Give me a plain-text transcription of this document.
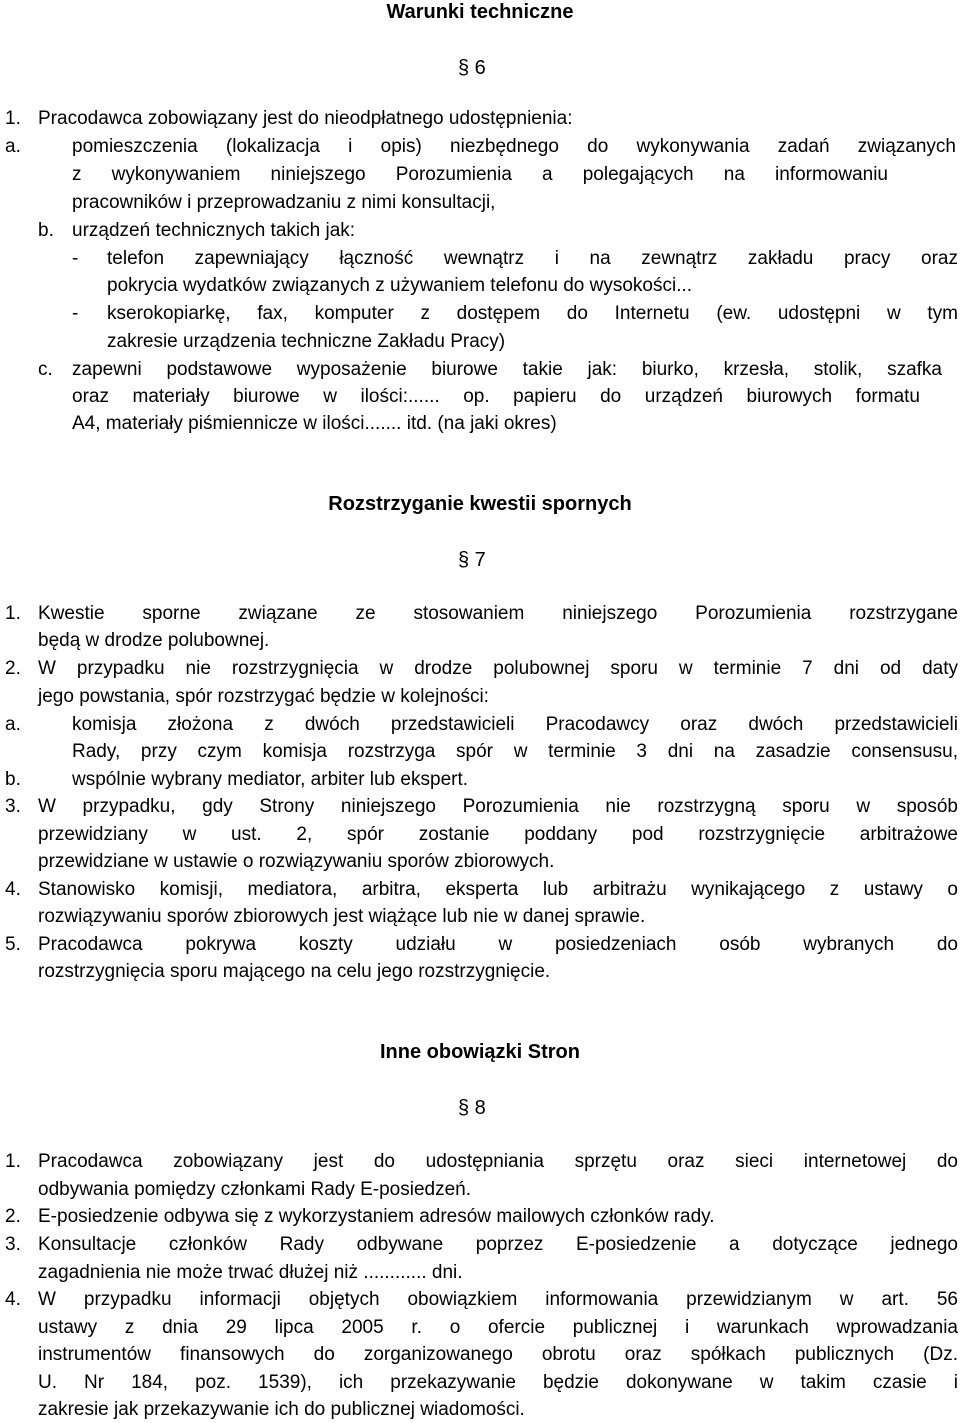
Warunki techniczne
§ 6
1. Pracodawca zobowiązany jest do nieodpłatnego udostępnienia:
a.	pomieszczenia (lokalizacja i opis) niezbędnego do wykonywania zadań związanych
z wykonywaniem niniejszego Porozumienia a polegających na informowaniu
pracowników i przeprowadzaniu z nimi konsultacji,
b. urządzeń technicznych takich jak:
- telefon zapewniający łączność wewnątrz i na zewnątrz zakładu pracy oraz
pokrycia wydatków związanych z używaniem telefonu do wysokości...
- kserokopiarkę, fax, komputer z dostępem do Internetu (ew. udostępni w tym
zakresie urządzenia techniczne Zakładu Pracy)
c. zapewni podstawowe wyposażenie biurowe takie jak: biurko, krzesła, stolik, szafka
oraz materiały biurowe w ilości:...... op. papieru do urządzeń biurowych formatu
A4, materiały piśmiennicze w ilości....... itd. (na jaki okres)
Rozstrzyganie kwestii spornych
§ 7
1. Kwestie sporne związane ze stosowaniem niniejszego Porozumienia rozstrzygane
będą w drodze polubownej.
2. W przypadku nie rozstrzygnięcia w drodze polubownej sporu w terminie 7 dni od daty
jego powstania, spór rozstrzygać będzie w kolejności:
a.	komisja złożona z dwóch przedstawicieli Pracodawcy oraz dwóch przedstawicieli
Rady, przy czym komisja rozstrzyga spór w terminie 3 dni na zasadzie consensusu,
b.	wspólnie wybrany mediator, arbiter lub ekspert.
3. W przypadku, gdy Strony niniejszego Porozumienia nie rozstrzygną sporu w sposób
przewidziany w ust. 2, spór zostanie poddany pod rozstrzygnięcie arbitrażowe
przewidziane w ustawie o rozwiązywaniu sporów zbiorowych.
4. Stanowisko komisji, mediatora, arbitra, eksperta lub arbitrażu wynikającego z ustawy o
rozwiązywaniu sporów zbiorowych jest wiążące lub nie w danej sprawie.
5. Pracodawca pokrywa koszty udziału w posiedzeniach osób wybranych do
rozstrzygnięcia sporu mającego na celu jego rozstrzygnięcie.
Inne obowiązki Stron
§ 8
1. Pracodawca zobowiązany jest do udostępniania sprzętu oraz sieci internetowej do
odbywania pomiędzy członkami Rady E-posiedzeń.
2. E-posiedzenie odbywa się z wykorzystaniem adresów mailowych członków rady.
3. Konsultacje członków Rady odbywane poprzez E-posiedzenie a dotyczące jednego
zagadnienia nie może trwać dłużej niż ............ dni.
4. W przypadku informacji objętych obowiązkiem informowania przewidzianym w art. 56
ustawy z dnia 29 lipca 2005 r. o ofercie publicznej i warunkach wprowadzania
instrumentów finansowych do zorganizowanego obrotu oraz spółkach publicznych (Dz.
U. Nr 184, poz. 1539), ich przekazywanie będzie dokonywane w takim czasie i
zakresie jak przekazywanie ich do publicznej wiadomości.
